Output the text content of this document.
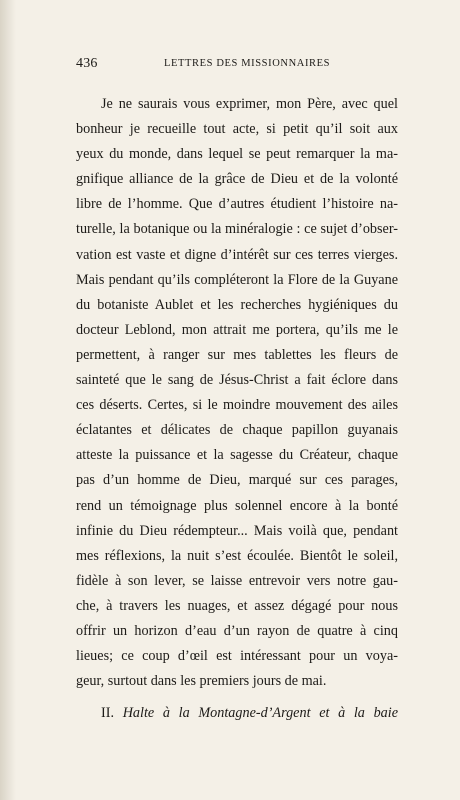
436	LETTRES DES MISSIONNAIRES
Je ne saurais vous exprimer, mon Père, avec quel
bonheur je recueille tout acte, si petit qu’il soit aux
yeux du monde, dans lequel se peut remarquer la ma-
gnifique alliance de la grâce de Dieu et de la volonté
libre de l’homme. Que d’autres étudient l’histoire na-
turelle, la botanique ou la minéralogie : ce sujet d’obser-
vation est vaste et digne d’intérêt sur ces terres vierges.
Mais pendant qu’ils compléteront la Flore de la Guyane
du botaniste Aublet et les recherches hygiéniques du
docteur Leblond, mon attrait me portera, qu’ils me le
permettent, à ranger sur mes tablettes les fleurs de
sainteté que le sang de Jésus-Christ a fait éclore dans
ces déserts. Certes, si le moindre mouvement des ailes
éclatantes et délicates de chaque papillon guyanais
atteste la puissance et la sagesse du Créateur, chaque
pas d’un homme de Dieu, marqué sur ces parages,
rend un témoignage plus solennel encore à la bonté
infinie du Dieu rédempteur... Mais voilà que, pendant
mes réflexions, la nuit s’est écoulée. Bientôt le soleil,
fidèle à son lever, se laisse entrevoir vers notre gau-
che, à travers les nuages, et assez dégagé pour nous
offrir un horizon d’eau d’un rayon de quatre à cinq
lieues; ce coup d’œil est intéressant pour un voya-
geur, surtout dans les premiers jours de mai.
II. Halte à la Montagne-d’Argent et à la baie
